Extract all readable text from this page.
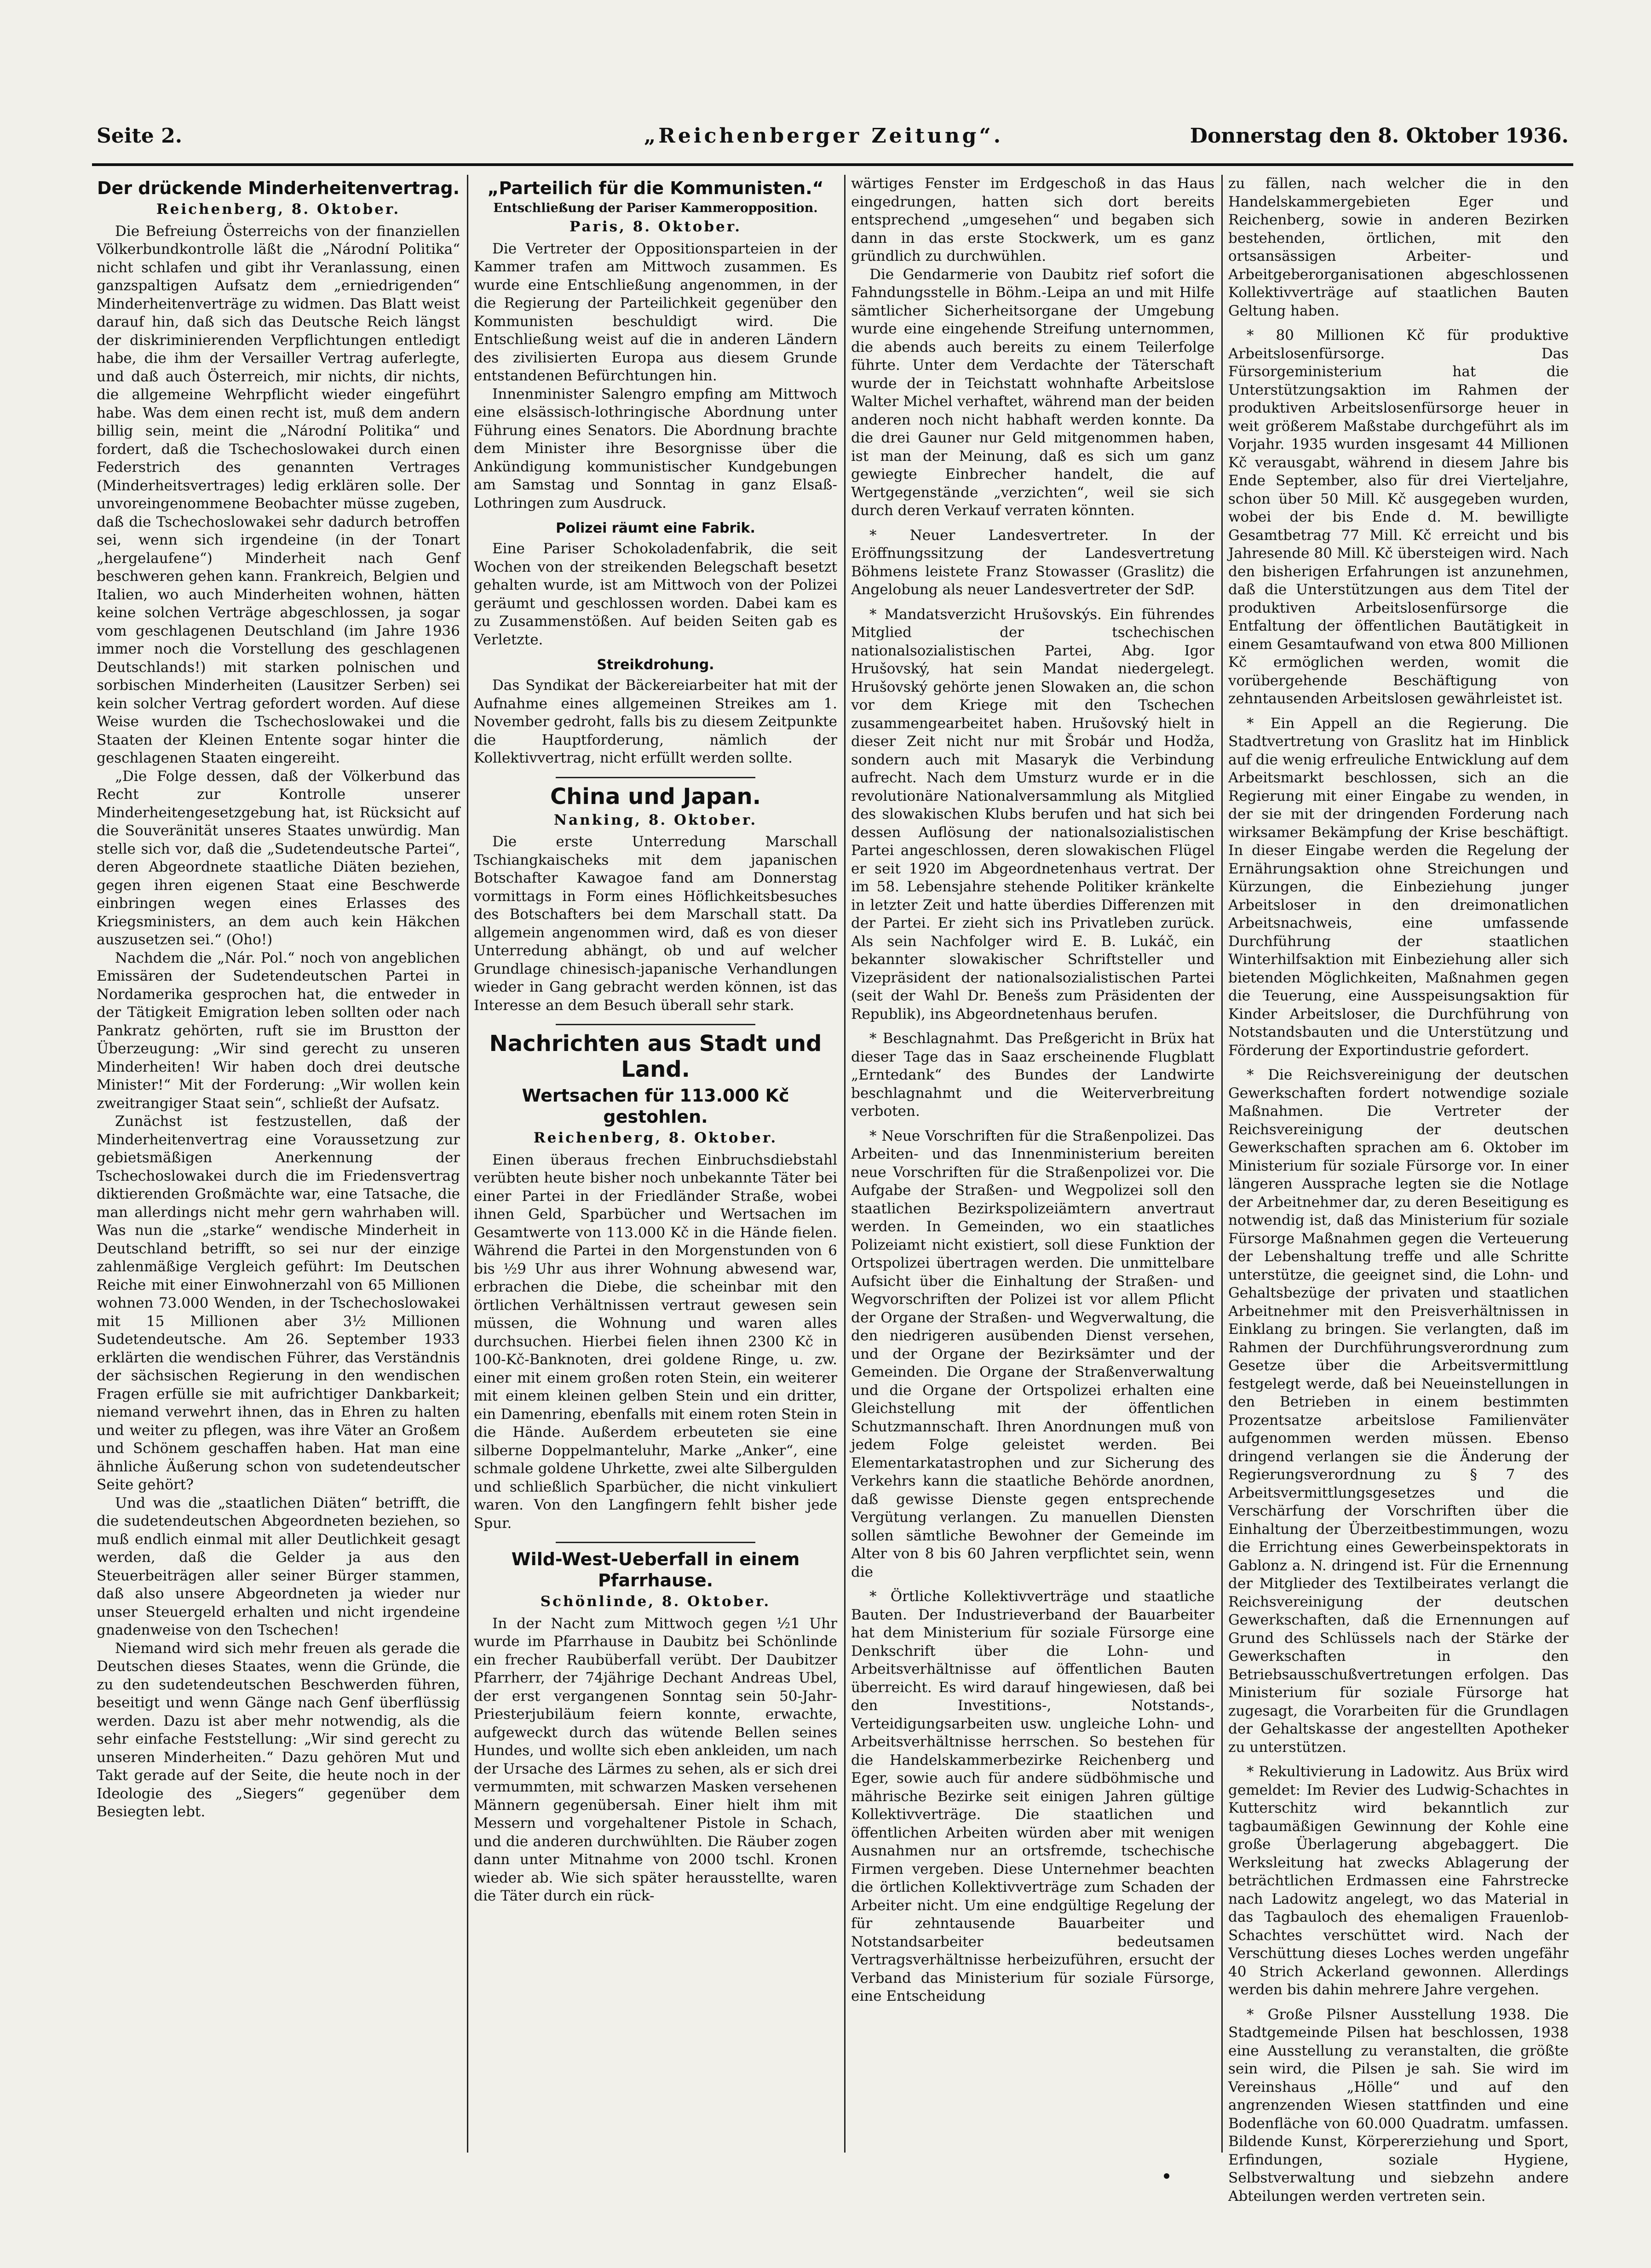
Seite 2.	„Reichenberger Zeitung“.	Donnerstag den 8. Oktober 1936.
Der drückende Minderheitenvertrag.
Reichenberg, 8. Oktober.

Die Befreiung Österreichs von der finanziellen Völkerbundkontrolle läßt die „Národní Politika“ nicht schlafen und gibt ihr Veranlassung, einen ganzspaltigen Aufsatz dem „erniedrigenden“ Minderheitenverträge zu widmen. Das Blatt weist darauf hin, daß sich das Deutsche Reich längst der diskriminierenden Verpflichtungen entledigt habe, die ihm der Versailler Vertrag auferlegte, und daß auch Österreich, mir nichts, dir nichts, die allgemeine Wehrpflicht wieder eingeführt habe. Was dem einen recht ist, muß dem andern billig sein, meint die „Národní Politika“ und fordert, daß die Tschechoslowakei durch einen Federstrich des genannten Vertrages (Minderheitsvertrages) ledig erklären solle. Der unvoreingenommene Beobachter müsse zugeben, daß die Tschechoslowakei sehr dadurch betroffen sei, wenn sich irgendeine (in der Tonart „hergelaufene“) Minderheit nach Genf beschweren gehen kann. Frankreich, Belgien und Italien, wo auch Minderheiten wohnen, hätten keine solchen Verträge abgeschlossen, ja sogar vom geschlagenen Deutschland (im Jahre 1936 immer noch die Vorstellung des geschlagenen Deutschlands!) mit starken polnischen und sorbischen Minderheiten (Lausitzer Serben) sei kein solcher Vertrag gefordert worden. Auf diese Weise wurden die Tschechoslowakei und die Staaten der Kleinen Entente sogar hinter die geschlagenen Staaten eingereiht.

„Die Folge dessen, daß der Völkerbund das Recht zur Kontrolle unserer Minderheitengesetzgebung hat, ist Rücksicht auf die Souveränität unseres Staates unwürdig. Man stelle sich vor, daß die „Sudetendeutsche Partei“, deren Abgeordnete staatliche Diäten beziehen, gegen ihren eigenen Staat eine Beschwerde einbringen wegen eines Erlasses des Kriegsministers, an dem auch kein Häkchen auszusetzen sei.“ (Oho!)

Nachdem die „Nár. Pol.“ noch von angeblichen Emissären der Sudetendeutschen Partei in Nordamerika gesprochen hat, die entweder in der Tätigkeit Emigration leben sollten oder nach Pankratz gehörten, ruft sie im Brustton der Überzeugung: „Wir sind gerecht zu unseren Minderheiten! Wir haben doch drei deutsche Minister!“ Mit der Forderung: „Wir wollen kein zweitrangiger Staat sein“, schließt der Aufsatz.

Zunächst ist festzustellen, daß der Minderheitenvertrag eine Voraussetzung zur gebietsmäßigen Anerkennung der Tschechoslowakei durch die im Friedensvertrag diktierenden Großmächte war, eine Tatsache, die man allerdings nicht mehr gern wahrhaben will. Was nun die „starke“ wendische Minderheit in Deutschland betrifft, so sei nur der einzige zahlenmäßige Vergleich geführt: Im Deutschen Reiche mit einer Einwohnerzahl von 65 Millionen wohnen 73.000 Wenden, in der Tschechoslowakei mit 15 Millionen aber 3½ Millionen Sudetendeutsche. Am 26. September 1933 erklärten die wendischen Führer, das Verständnis der sächsischen Regierung in den wendischen Fragen erfülle sie mit aufrichtiger Dankbarkeit; niemand verwehrt ihnen, das in Ehren zu halten und weiter zu pflegen, was ihre Väter an Großem und Schönem geschaffen haben. Hat man eine ähnliche Äußerung schon von sudetendeutscher Seite gehört?

Und was die „staatlichen Diäten“ betrifft, die die sudetendeutschen Abgeordneten beziehen, so muß endlich einmal mit aller Deutlichkeit gesagt werden, daß die Gelder ja aus den Steuerbeiträgen aller seiner Bürger stammen, daß also unsere Abgeordneten ja wieder nur unser Steuergeld erhalten und nicht irgendeine gnadenweise von den Tschechen!

Niemand wird sich mehr freuen als gerade die Deutschen dieses Staates, wenn die Gründe, die zu den sudetendeutschen Beschwerden führen, beseitigt und wenn Gänge nach Genf überflüssig werden. Dazu ist aber mehr notwendig, als die sehr einfache Feststellung: „Wir sind gerecht zu unseren Minderheiten.“ Dazu gehören Mut und Takt gerade auf der Seite, die heute noch in der Ideologie des „Siegers“ gegenüber dem Besiegten lebt.

„Parteilich für die Kommunisten.“
Entschließung der Pariser Kammeropposition.
Paris, 8. Oktober.

Die Vertreter der Oppositionsparteien in der Kammer trafen am Mittwoch zusammen. Es wurde eine Entschließung angenommen, in der die Regierung der Parteilichkeit gegenüber den Kommunisten beschuldigt wird. Die Entschließung weist auf die in anderen Ländern des zivilisierten Europa aus diesem Grunde entstandenen Befürchtungen hin.

Innenminister Salengro empfing am Mittwoch eine elsässisch-lothringische Abordnung unter Führung eines Senators. Die Abordnung brachte dem Minister ihre Besorgnisse über die Ankündigung kommunistischer Kundgebungen am Samstag und Sonntag in ganz Elsaß-Lothringen zum Ausdruck.

Polizei räumt eine Fabrik.

Eine Pariser Schokoladenfabrik, die seit Wochen von der streikenden Belegschaft besetzt gehalten wurde, ist am Mittwoch von der Polizei geräumt und geschlossen worden. Dabei kam es zu Zusammenstößen. Auf beiden Seiten gab es Verletzte.

Streikdrohung.

Das Syndikat der Bäckereiarbeiter hat mit der Aufnahme eines allgemeinen Streikes am 1. November gedroht, falls bis zu diesem Zeitpunkte die Hauptforderung, nämlich der Kollektivvertrag, nicht erfüllt werden sollte.

China und Japan.
Nanking, 8. Oktober.

Die erste Unterredung Marschall Tschiangkaischeks mit dem japanischen Botschafter Kawagoe fand am Donnerstag vormittags in Form eines Höflichkeitsbesuches des Botschafters bei dem Marschall statt. Da allgemein angenommen wird, daß es von dieser Unterredung abhängt, ob und auf welcher Grundlage chinesisch-japanische Verhandlungen wieder in Gang gebracht werden können, ist das Interesse an dem Besuch überall sehr stark.

Nachrichten aus Stadt und Land.
Wertsachen für 113.000 Kč gestohlen.
Reichenberg, 8. Oktober.

Einen überaus frechen Einbruchsdiebstahl verübten heute bisher noch unbekannte Täter bei einer Partei in der Friedländer Straße, wobei ihnen Geld, Sparbücher und Wertsachen im Gesamtwerte von 113.000 Kč in die Hände fielen. Während die Partei in den Morgenstunden von 6 bis ½9 Uhr aus ihrer Wohnung abwesend war, erbrachen die Diebe, die scheinbar mit den örtlichen Verhältnissen vertraut gewesen sein müssen, die Wohnung und waren alles durchsuchen. Hierbei fielen ihnen 2300 Kč in 100-Kč-Banknoten, drei goldene Ringe, u. zw. einer mit einem großen roten Stein, ein weiterer mit einem kleinen gelben Stein und ein dritter, ein Damenring, ebenfalls mit einem roten Stein in die Hände. Außerdem erbeuteten sie eine silberne Doppelmanteluhr, Marke „Anker“, eine schmale goldene Uhrkette, zwei alte Silbergulden und schließlich Sparbücher, die nicht vinkuliert waren. Von den Langfingern fehlt bisher jede Spur.

Wild-West-Ueberfall in einem Pfarrhause.
Schönlinde, 8. Oktober.

In der Nacht zum Mittwoch gegen ½1 Uhr wurde im Pfarrhause in Daubitz bei Schönlinde ein frecher Raubüberfall verübt. Der Daubitzer Pfarrherr, der 74jährige Dechant Andreas Ubel, der erst vergangenen Sonntag sein 50-Jahr-Priesterjubiläum feiern konnte, erwachte, aufgeweckt durch das wütende Bellen seines Hundes, und wollte sich eben ankleiden, um nach der Ursache des Lärmes zu sehen, als er sich drei vermummten, mit schwarzen Masken versehenen Männern gegenübersah. Einer hielt ihm mit Messern und vorgehaltener Pistole in Schach, und die anderen durchwühlten. Die Räuber zogen dann unter Mitnahme von 2000 tschl. Kronen wieder ab. Wie sich später herausstellte, waren die Täter durch ein rück-

wärtiges Fenster im Erdgeschoß in das Haus eingedrungen, hatten sich dort bereits entsprechend „umgesehen“ und begaben sich dann in das erste Stockwerk, um es ganz gründlich zu durchwühlen.

Die Gendarmerie von Daubitz rief sofort die Fahndungsstelle in Böhm.-Leipa an und mit Hilfe sämtlicher Sicherheitsorgane der Umgebung wurde eine eingehende Streifung unternommen, die abends auch bereits zu einem Teilerfolge führte. Unter dem Verdachte der Täterschaft wurde der in Teichstatt wohnhafte Arbeitslose Walter Michel verhaftet, während man der beiden anderen noch nicht habhaft werden konnte. Da die drei Gauner nur Geld mitgenommen haben, ist man der Meinung, daß es sich um ganz gewiegte Einbrecher handelt, die auf Wertgegenstände „verzichten“, weil sie sich durch deren Verkauf verraten könnten.

* Neuer Landesvertreter. In der Eröffnungssitzung der Landesvertretung Böhmens leistete Franz Stowasser (Graslitz) die Angelobung als neuer Landesvertreter der SdP.

* Mandatsverzicht Hrušovskýs. Ein führendes Mitglied der tschechischen nationalsozialistischen Partei, Abg. Igor Hrušovský, hat sein Mandat niedergelegt. Hrušovský gehörte jenen Slowaken an, die schon vor dem Kriege mit den Tschechen zusammengearbeitet haben. Hrušovský hielt in dieser Zeit nicht nur mit Šrobár und Hodža, sondern auch mit Masaryk die Verbindung aufrecht. Nach dem Umsturz wurde er in die revolutionäre Nationalversammlung als Mitglied des slowakischen Klubs berufen und hat sich bei dessen Auflösung der nationalsozialistischen Partei angeschlossen, deren slowakischen Flügel er seit 1920 im Abgeordnetenhaus vertrat. Der im 58. Lebensjahre stehende Politiker kränkelte in letzter Zeit und hatte überdies Differenzen mit der Partei. Er zieht sich ins Privatleben zurück. Als sein Nachfolger wird E. B. Lukáč, ein bekannter slowakischer Schriftsteller und Vizepräsident der nationalsozialistischen Partei (seit der Wahl Dr. Benešs zum Präsidenten der Republik), ins Abgeordnetenhaus berufen.

* Beschlagnahmt. Das Preßgericht in Brüx hat dieser Tage das in Saaz erscheinende Flugblatt „Erntedank“ des Bundes der Landwirte beschlagnahmt und die Weiterverbreitung verboten.

* Neue Vorschriften für die Straßenpolizei. Das Arbeiten- und das Innenministerium bereiten neue Vorschriften für die Straßenpolizei vor. Die Aufgabe der Straßen- und Wegpolizei soll den staatlichen Bezirkspolizeiämtern anvertraut werden. In Gemeinden, wo ein staatliches Polizeiamt nicht existiert, soll diese Funktion der Ortspolizei übertragen werden. Die unmittelbare Aufsicht über die Einhaltung der Straßen- und Wegvorschriften der Polizei ist vor allem Pflicht der Organe der Straßen- und Wegverwaltung, die den niedrigeren ausübenden Dienst versehen, und der Organe der Bezirksämter und der Gemeinden. Die Organe der Straßenverwaltung und die Organe der Ortspolizei erhalten eine Gleichstellung mit der öffentlichen Schutzmannschaft. Ihren Anordnungen muß von jedem Folge geleistet werden. Bei Elementarkatastrophen und zur Sicherung des Verkehrs kann die staatliche Behörde anordnen, daß gewisse Dienste gegen entsprechende Vergütung verlangen. Zu manuellen Diensten sollen sämtliche Bewohner der Gemeinde im Alter von 8 bis 60 Jahren verpflichtet sein, wenn die

* Örtliche Kollektivverträge und staatliche Bauten. Der Industrieverband der Bauarbeiter hat dem Ministerium für soziale Fürsorge eine Denkschrift über die Lohn- und Arbeitsverhältnisse auf öffentlichen Bauten überreicht. Es wird darauf hingewiesen, daß bei den Investitions-, Notstands-, Verteidigungsarbeiten usw. ungleiche Lohn- und Arbeitsverhältnisse herrschen. So bestehen für die Handelskammerbezirke Reichenberg und Eger, sowie auch für andere südböhmische und mährische Bezirke seit einigen Jahren gültige Kollektivverträge. Die staatlichen und öffentlichen Arbeiten würden aber mit wenigen Ausnahmen nur an ortsfremde, tschechische Firmen vergeben. Diese Unternehmer beachten die örtlichen Kollektivverträge zum Schaden der Arbeiter nicht. Um eine endgültige Regelung der für zehntausende Bauarbeiter und Notstandsarbeiter bedeutsamen Vertragsverhältnisse herbeizuführen, ersucht der Verband das Ministerium für soziale Fürsorge, eine Entscheidung

zu fällen, nach welcher die in den Handelskammergebieten Eger und Reichenberg, sowie in anderen Bezirken bestehenden, örtlichen, mit den ortsansässigen Arbeiter- und Arbeitgeberorganisationen abgeschlossenen Kollektivverträge auf staatlichen Bauten Geltung haben.

* 80 Millionen Kč für produktive Arbeitslosenfürsorge. Das Fürsorgeministerium hat die Unterstützungsaktion im Rahmen der produktiven Arbeitslosenfürsorge heuer in weit größerem Maßstabe durchgeführt als im Vorjahr. 1935 wurden insgesamt 44 Millionen Kč verausgabt, während in diesem Jahre bis Ende September, also für drei Vierteljahre, schon über 50 Mill. Kč ausgegeben wurden, wobei der bis Ende d. M. bewilligte Gesamtbetrag 77 Mill. Kč erreicht und bis Jahresende 80 Mill. Kč übersteigen wird. Nach den bisherigen Erfahrungen ist anzunehmen, daß die Unterstützungen aus dem Titel der produktiven Arbeitslosenfürsorge die Entfaltung der öffentlichen Bautätigkeit in einem Gesamtaufwand von etwa 800 Millionen Kč ermöglichen werden, womit die vorübergehende Beschäftigung von zehntausenden Arbeitslosen gewährleistet ist.

* Ein Appell an die Regierung. Die Stadtvertretung von Graslitz hat im Hinblick auf die wenig erfreuliche Entwicklung auf dem Arbeitsmarkt beschlossen, sich an die Regierung mit einer Eingabe zu wenden, in der sie mit der dringenden Forderung nach wirksamer Bekämpfung der Krise beschäftigt. In dieser Eingabe werden die Regelung der Ernährungsaktion ohne Streichungen und Kürzungen, die Einbeziehung junger Arbeitsloser in den dreimonatlichen Arbeitsnachweis, eine umfassende Durchführung der staatlichen Winterhilfsaktion mit Einbeziehung aller sich bietenden Möglichkeiten, Maßnahmen gegen die Teuerung, eine Ausspeisungsaktion für Kinder Arbeitsloser, die Durchführung von Notstandsbauten und die Unterstützung und Förderung der Exportindustrie gefordert.

* Die Reichsvereinigung der deutschen Gewerkschaften fordert notwendige soziale Maßnahmen. Die Vertreter der Reichsvereinigung der deutschen Gewerkschaften sprachen am 6. Oktober im Ministerium für soziale Fürsorge vor. In einer längeren Aussprache legten sie die Notlage der Arbeitnehmer dar, zu deren Beseitigung es notwendig ist, daß das Ministerium für soziale Fürsorge Maßnahmen gegen die Verteuerung der Lebenshaltung treffe und alle Schritte unterstütze, die geeignet sind, die Lohn- und Gehaltsbezüge der privaten und staatlichen Arbeitnehmer mit den Preisverhältnissen in Einklang zu bringen. Sie verlangten, daß im Rahmen der Durchführungsverordnung zum Gesetze über die Arbeitsvermittlung festgelegt werde, daß bei Neueinstellungen in den Betrieben in einem bestimmten Prozentsatze arbeitslose Familienväter aufgenommen werden müssen. Ebenso dringend verlangen sie die Änderung der Regierungsverordnung zu § 7 des Arbeitsvermittlungsgesetzes und die Verschärfung der Vorschriften über die Einhaltung der Überzeitbestimmungen, wozu die Errichtung eines Gewerbeinspektorats in Gablonz a. N. dringend ist. Für die Ernennung der Mitglieder des Textilbeirates verlangt die Reichsvereinigung der deutschen Gewerkschaften, daß die Ernennungen auf Grund des Schlüssels nach der Stärke der Gewerkschaften in den Betriebsausschußvertretungen erfolgen. Das Ministerium für soziale Fürsorge hat zugesagt, die Vorarbeiten für die Grundlagen der Gehaltskasse der angestellten Apotheker zu unterstützen.

* Rekultivierung in Ladowitz. Aus Brüx wird gemeldet: Im Revier des Ludwig-Schachtes in Kutterschitz wird bekanntlich zur tagbaumäßigen Gewinnung der Kohle eine große Überlagerung abgebaggert. Die Werksleitung hat zwecks Ablagerung der beträchtlichen Erdmassen eine Fahrstrecke nach Ladowitz angelegt, wo das Material in das Tagbauloch des ehemaligen Frauenlob-Schachtes verschüttet wird. Nach der Verschüttung dieses Loches werden ungefähr 40 Strich Ackerland gewonnen. Allerdings werden bis dahin mehrere Jahre vergehen.

* Große Pilsner Ausstellung 1938. Die Stadtgemeinde Pilsen hat beschlossen, 1938 eine Ausstellung zu veranstalten, die größte sein wird, die Pilsen je sah. Sie wird im Vereinshaus „Hölle“ und auf den angrenzenden Wiesen stattfinden und eine Bodenfläche von 60.000 Quadratm. umfassen. Bildende Kunst, Körpererziehung und Sport, Erfindungen, soziale Hygiene, Selbstverwaltung und siebzehn andere Abteilungen werden vertreten sein.
